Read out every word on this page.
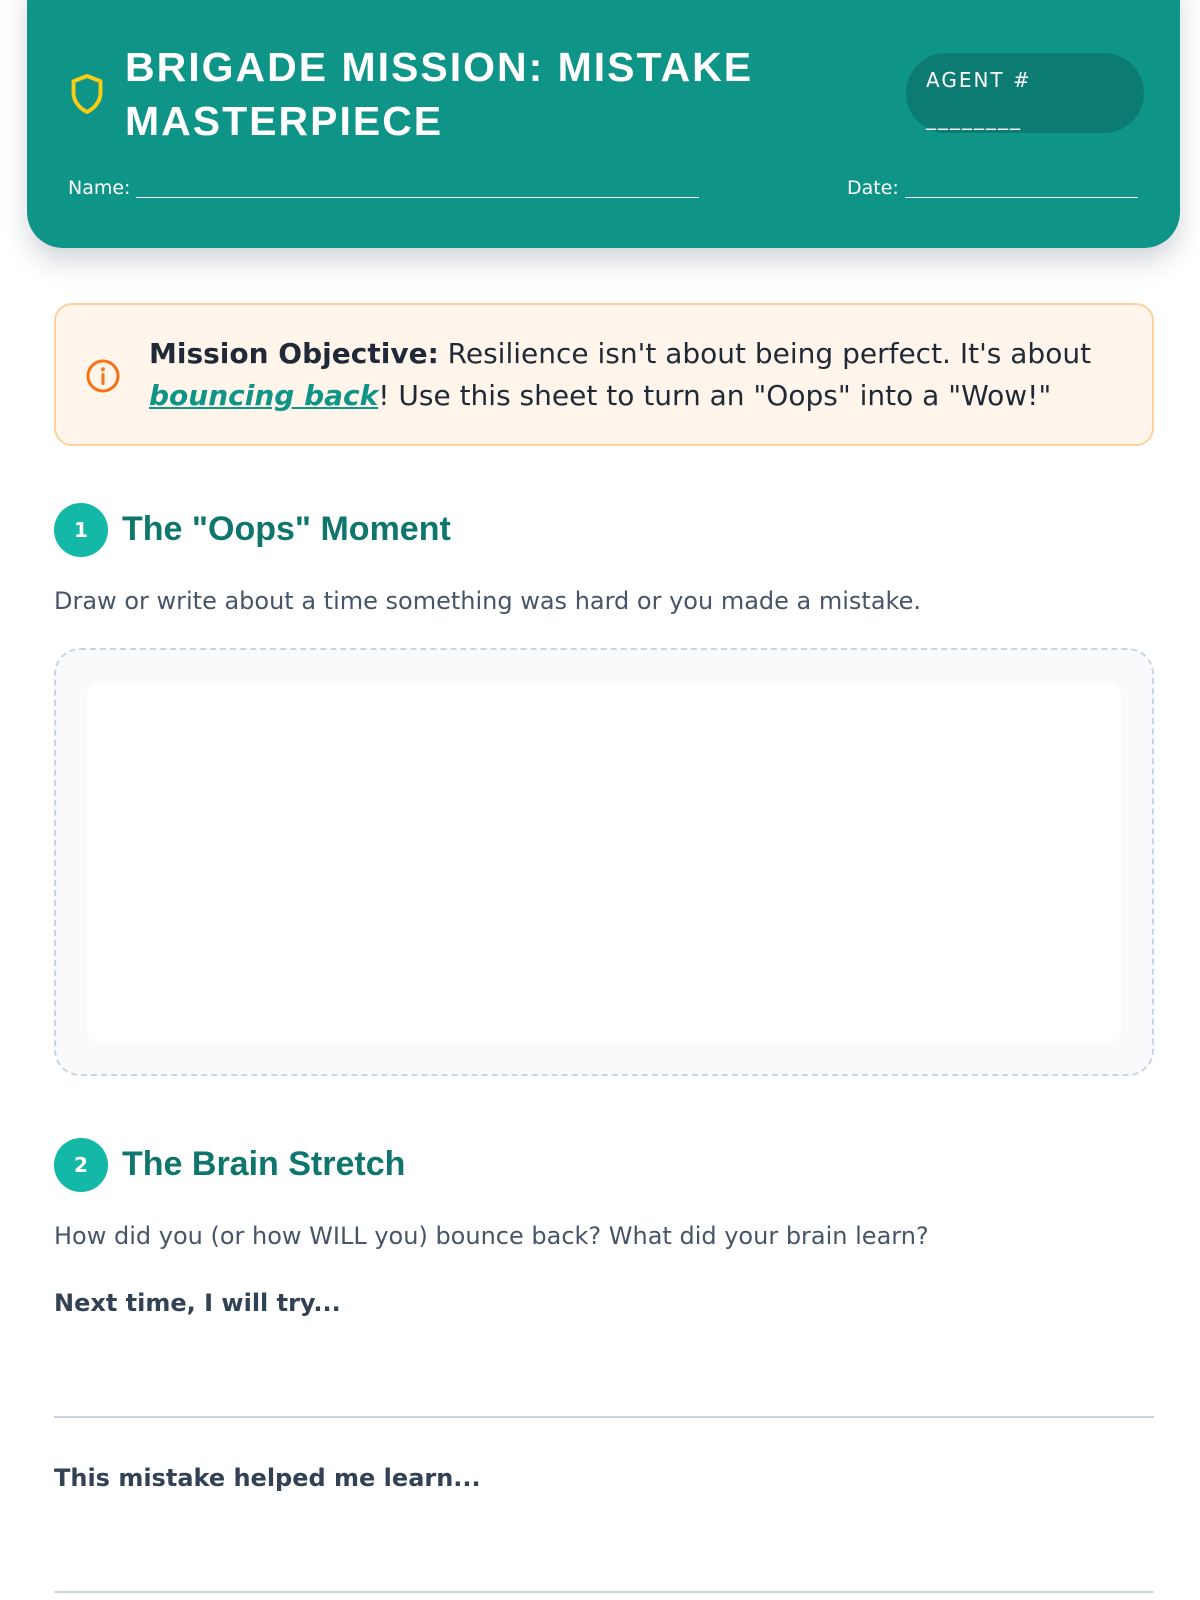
BRIGADE MISSION: MISTAKE MASTERPIECE
AGENT #
________
Name:	Date:
Mission Objective: Resilience isn't about being perfect. It's about bouncing back! Use this sheet to turn an "Oops" into a "Wow!"
1	The "Oops" Moment
Draw or write about a time something was hard or you made a mistake.
2	The Brain Stretch
How did you (or how WILL you) bounce back? What did your brain learn?
Next time, I will try...
This mistake helped me learn...
